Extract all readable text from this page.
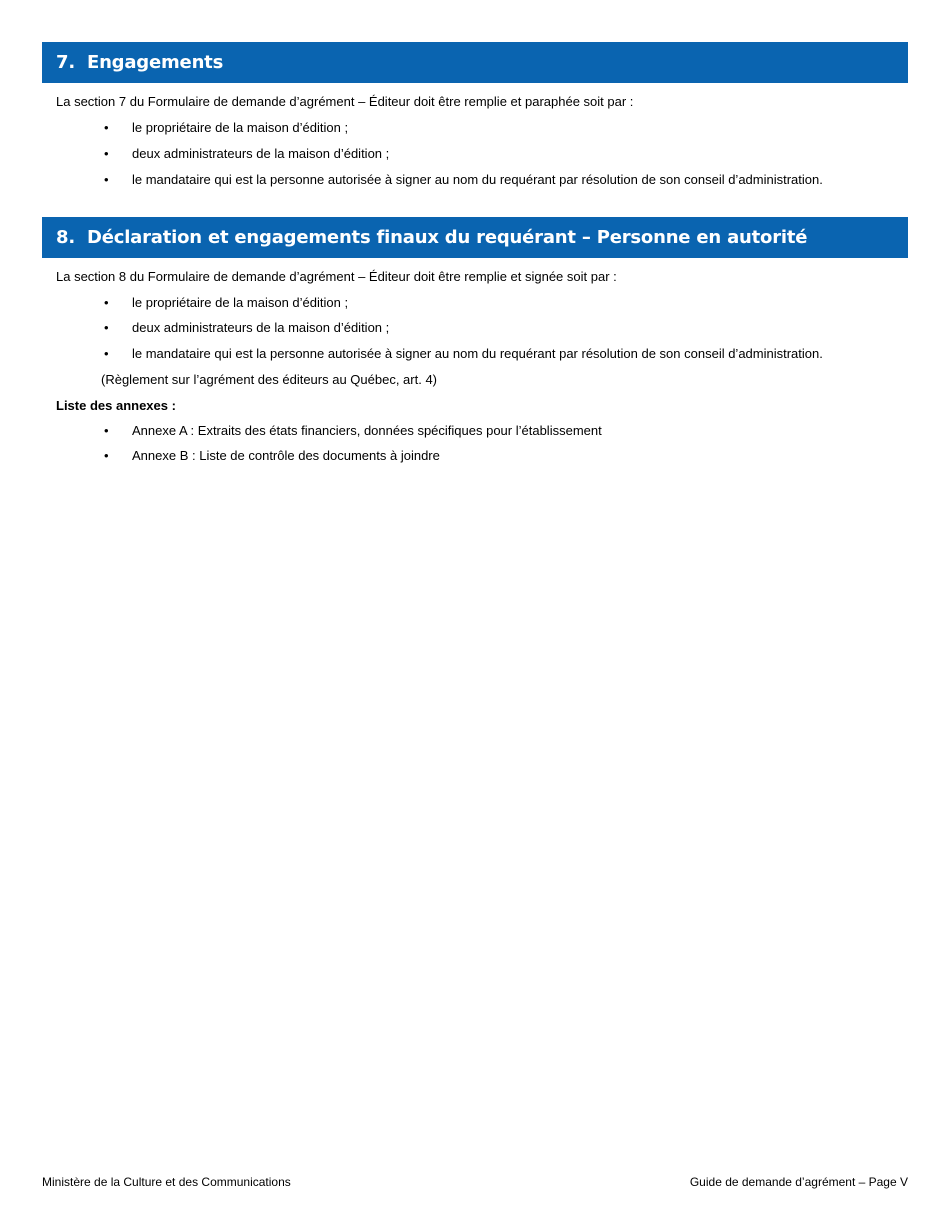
7. Engagements
La section 7 du Formulaire de demande d’agrément – Éditeur doit être remplie et paraphée soit par :
• le propriétaire de la maison d’édition ;
• deux administrateurs de la maison d’édition ;
• le mandataire qui est la personne autorisée à signer au nom du requérant par résolution de son conseil d’administration.
8. Déclaration et engagements finaux du requérant – Personne en autorité
La section 8 du Formulaire de demande d’agrément – Éditeur doit être remplie et signée soit par :
• le propriétaire de la maison d’édition ;
• deux administrateurs de la maison d’édition ;
• le mandataire qui est la personne autorisée à signer au nom du requérant par résolution de son conseil d’administration.
(Règlement sur l’agrément des éditeurs au Québec, art. 4)
Liste des annexes :
• Annexe A : Extraits des états financiers, données spécifiques pour l’établissement
• Annexe B : Liste de contrôle des documents à joindre
Ministère de la Culture et des Communications	Guide de demande d’agrément – Page V
